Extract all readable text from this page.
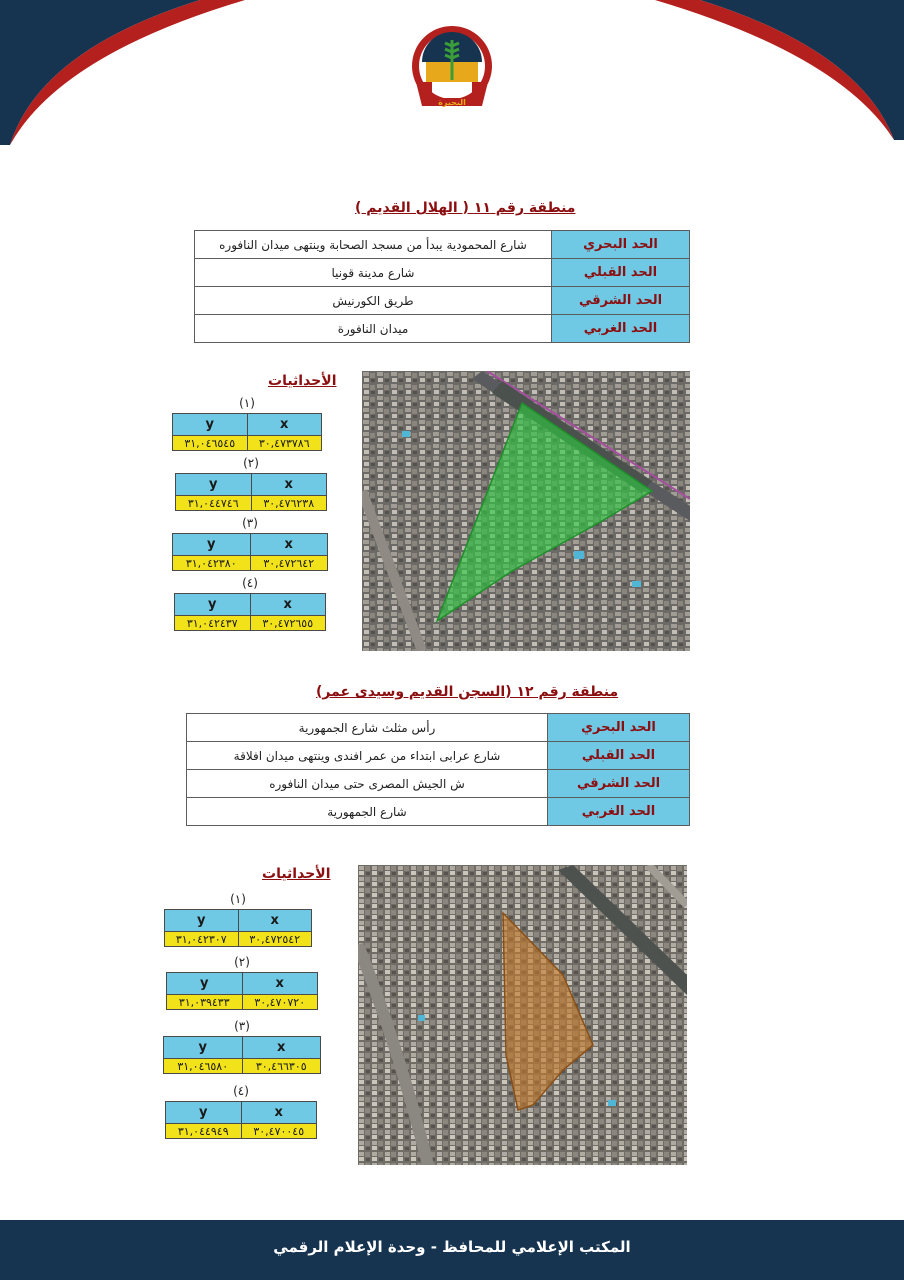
البحيرة
منطقة رقم ١١ ( الهلال القديم )
الحد البحري	شارع المحمودية يبدأ من مسجد الصحابة وينتهى ميدان النافوره
الحد القبلي	شارع مدينة قونيا
الحد الشرقي	طريق الكورنيش
الحد الغربي	ميدان النافورة
الأحداثيات
(١)
y	x
٣١,٠٤٦٥٤٥	٣٠,٤٧٣٧٨٦
(٢)
y	x
٣١,٠٤٤٧٤٦	٣٠,٤٧٦٢٣٨
(٣)
y	x
٣١,٠٤٢٣٨٠	٣٠,٤٧٢٦٤٢
(٤)
y	x
٣١,٠٤٢٤٣٧	٣٠,٤٧٢٦٥٥
منطقة رقم ١٢ (السجن القديم وسيدى عمر)
الحد البحري	رأس مثلث شارع الجمهورية
الحد القبلي	شارع عرابى ابتداء من عمر افندى وينتهى ميدان افلاقة
الحد الشرقي	ش الجيش المصرى حتى ميدان النافوره
الحد الغربي	شارع الجمهورية
الأحداثيات
(١)
y	x
٣١,٠٤٢٣٠٧	٣٠,٤٧٢٥٤٢
(٢)
y	x
٣١,٠٣٩٤٣٣	٣٠,٤٧٠٧٢٠
(٣)
y	x
٣١,٠٤٦٥٨٠	٣٠,٤٦٦٣٠٥
(٤)
y	x
٣١,٠٤٤٩٤٩	٣٠,٤٧٠٠٤٥
المكتب الإعلامي للمحافظ - وحدة الإعلام الرقمي
